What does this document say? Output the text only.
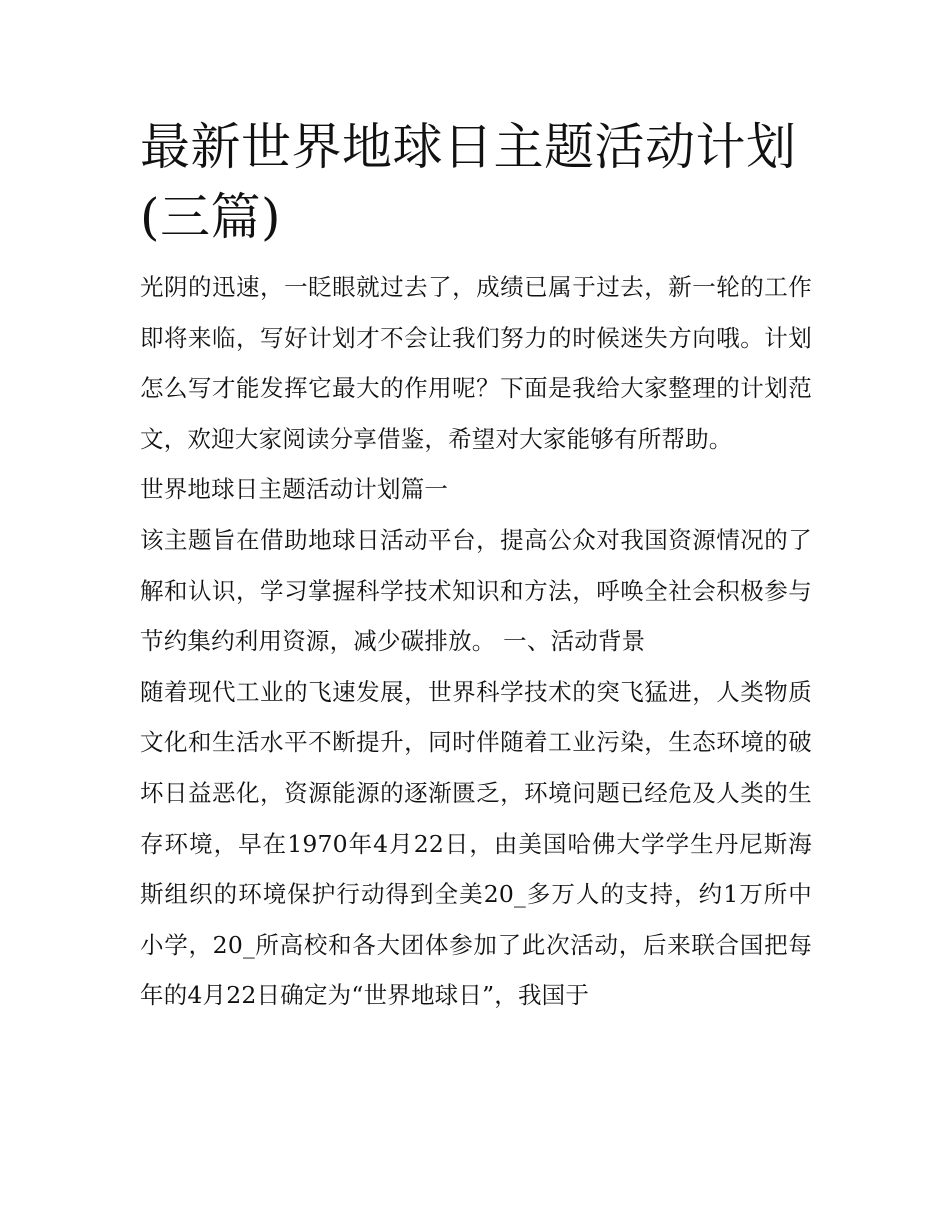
最新世界地球日主题活动计划
(三篇)

光阴的迅速，一眨眼就过去了，成绩已属于过去，新一轮的工作即将来临，写好计划才不会让我们努力的时候迷失方向哦。计划怎么写才能发挥它最大的作用呢？下面是我给大家整理的计划范文，欢迎大家阅读分享借鉴，希望对大家能够有所帮助。

世界地球日主题活动计划篇一

该主题旨在借助地球日活动平台，提高公众对我国资源情况的了解和认识，学习掌握科学技术知识和方法，呼唤全社会积极参与节约集约利用资源，减少碳排放。 一、活动背景

随着现代工业的飞速发展，世界科学技术的突飞猛进，人类物质文化和生活水平不断提升，同时伴随着工业污染，生态环境的破坏日益恶化，资源能源的逐渐匮乏，环境问题已经危及人类的生存环境，早在1970年4月22日，由美国哈佛大学学生丹尼斯海斯组织的环境保护行动得到全美20_多万人的支持，约1万所中小学，20_所高校和各大团体参加了此次活动，后来联合国把每年的4月22日确定为“世界地球日”，我国于
